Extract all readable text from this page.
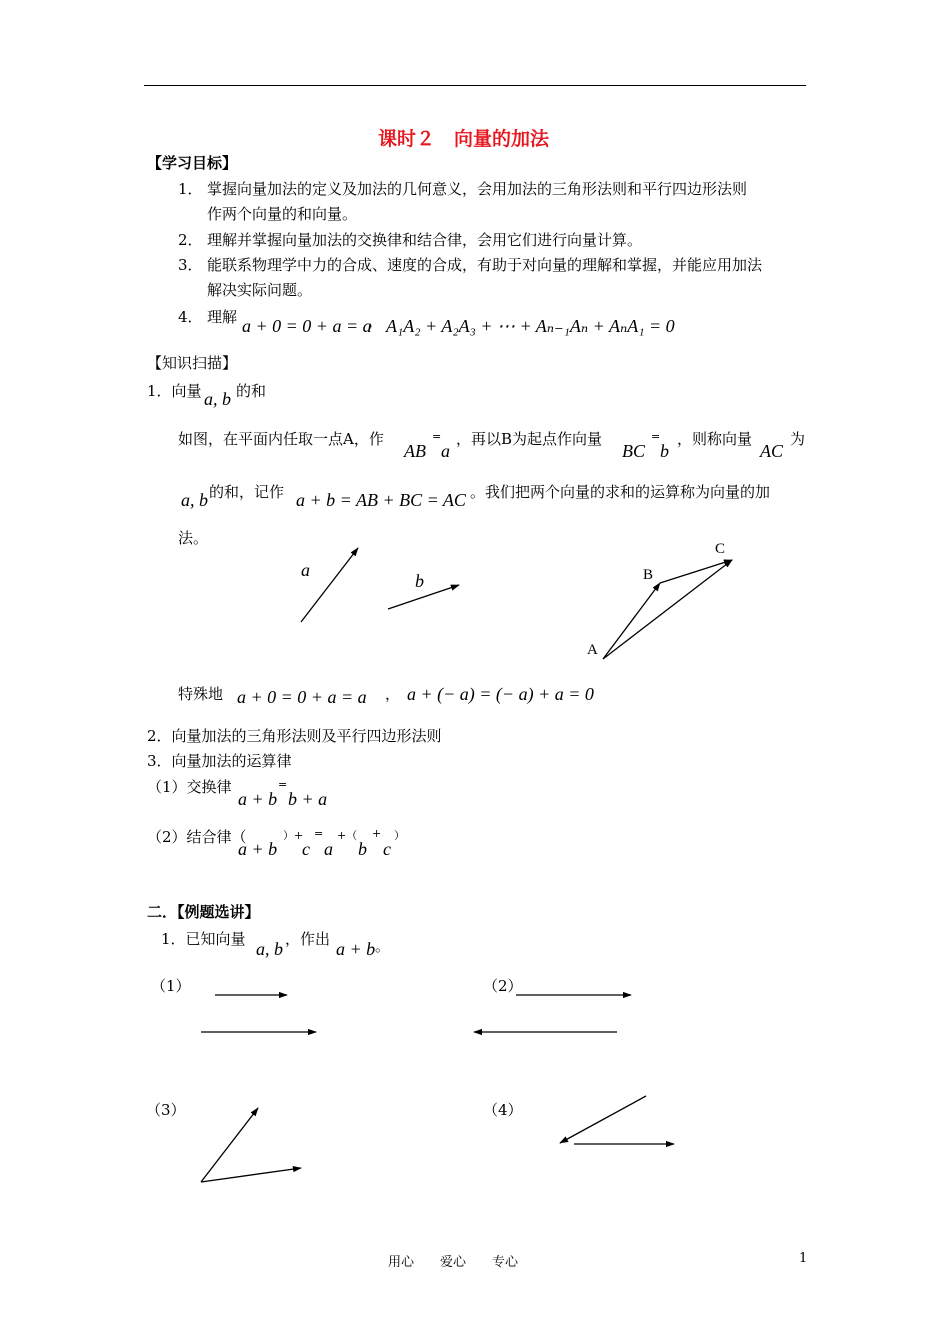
课时２　向量的加法
【学习目标】
1． 掌握向量加法的定义及加法的几何意义，会用加法的三角形法则和平行四边形法则
作两个向量的和向量。
2． 理解并掌握向量加法的交换律和结合律，会用它们进行向量计算。
3． 能联系物理学中力的合成、速度的合成，有助于对向量的理解和掌握，并能应用加法
解决实际问题。
4． 理解 a + 0 = 0 + a = a
， A₁A₂ + A₂A₃ + ⋯ + Aₙ₋₁Aₙ + AₙA₁ = 0
【知识扫描】
1．向量 a, b 的和
如图，在平面内任取一点A，作
AB
=
a
，再以B为起点作向量
BC
=
b
，则称向量
AC
为
a, b 的和，记作 a + b = AB + BC = AC 。我们把两个向量的求和的运算称为向量的加
法。
a
b
A
B
C
特殊地 a + 0 = 0 + a = a ， a + (− a) = (− a) + a = 0
2．向量加法的三角形法则及平行四边形法则
3．向量加法的运算律
（1）交换律
a + b
=
b + a
（2）结合律（
a + b
）+
c
=
a
+（
b
+
c
）
二．【例题选讲】
1．已知向量 a, b ，作出 a + b 。
（1）	（2）
（3）	（4）
用心　　爱心　　专心	1
